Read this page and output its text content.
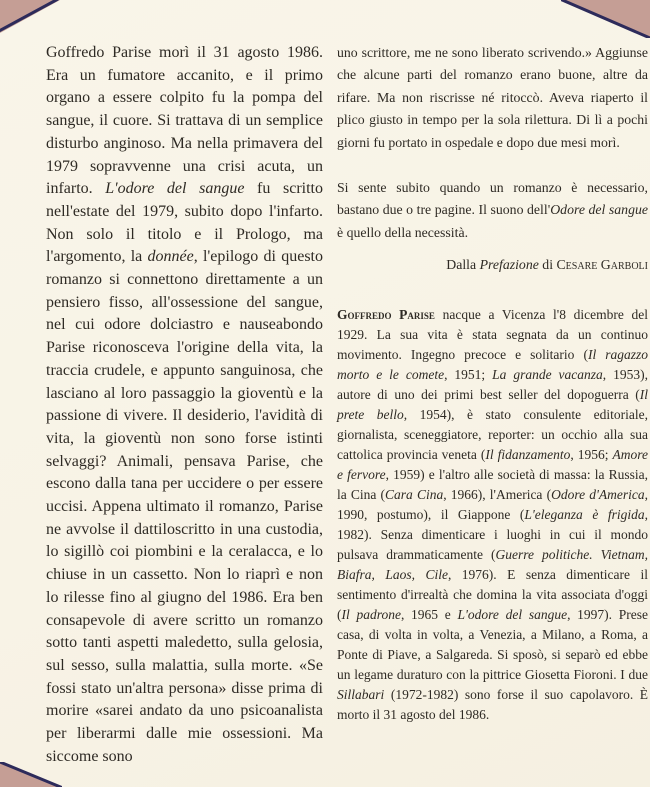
Goffredo Parise morì il 31 agosto 1986. Era un fumatore accanito, e il primo organo a essere colpito fu la pompa del sangue, il cuore. Si trattava di un semplice disturbo anginoso. Ma nella primavera del 1979 sopravvenne una crisi acuta, un infarto. L'odore del sangue fu scritto nell'estate del 1979, subito dopo l'infarto. Non solo il titolo e il Prologo, ma l'argomento, la donnée, l'epilogo di questo romanzo si connettono direttamente a un pensiero fisso, all'ossessione del sangue, nel cui odore dolciastro e nauseabondo Parise riconosceva l'origine della vita, la traccia crudele, e appunto sanguinosa, che lasciano al loro passaggio la gioventù e la passione di vivere. Il desiderio, l'avidità di vita, la gioventù non sono forse istinti selvaggi? Animali, pensava Parise, che escono dalla tana per uccidere o per essere uccisi. Appena ultimato il romanzo, Parise ne avvolse il dattiloscritto in una custodia, lo sigillò coi piombini e la ceralacca, e lo chiuse in un cassetto. Non lo riaprì e non lo rilesse fino al giugno del 1986. Era ben consapevole di avere scritto un romanzo sotto tanti aspetti maledetto, sulla gelosia, sul sesso, sulla malattia, sulla morte. «Se fossi stato un'altra persona» disse prima di morire «sarei andato da uno psicoanalista per liberarmi dalle mie ossessioni. Ma siccome sono

uno scrittore, me ne sono liberato scrivendo.» Aggiunse che alcune parti del romanzo erano buone, altre da rifare. Ma non riscrisse né ritoccò. Aveva riaperto il plico giusto in tempo per la sola rilettura. Di lì a pochi giorni fu portato in ospedale e dopo due mesi morì.

Si sente subito quando un romanzo è necessario, bastano due o tre pagine. Il suono dell'Odore del sangue è quello della necessità.

Dalla Prefazione di Cesare Garboli
Goffredo Parise nacque a Vicenza l'8 dicembre del 1929. La sua vita è stata segnata da un continuo movimento. Ingegno precoce e solitario (Il ragazzo morto e le comete, 1951; La grande vacanza, 1953), autore di uno dei primi best seller del dopoguerra (Il prete bello, 1954), è stato consulente editoriale, giornalista, sceneggiatore, reporter: un occhio alla sua cattolica provincia veneta (Il fidanzamento, 1956; Amore e fervore, 1959) e l'altro alle società di massa: la Russia, la Cina (Cara Cina, 1966), l'America (Odore d'America, 1990, postumo), il Giappone (L'eleganza è frigida, 1982). Senza dimenticare i luoghi in cui il mondo pulsava drammaticamente (Guerre politiche. Vietnam, Biafra, Laos, Cile, 1976). E senza dimenticare il sentimento d'irrealtà che domina la vita associata d'oggi (Il padrone, 1965 e L'odore del sangue, 1997). Prese casa, di volta in volta, a Venezia, a Milano, a Roma, a Ponte di Piave, a Salgareda. Si sposò, si separò ed ebbe un legame duraturo con la pittrice Giosetta Fioroni. I due Sillabari (1972-1982) sono forse il suo capolavoro. È morto il 31 agosto del 1986.
